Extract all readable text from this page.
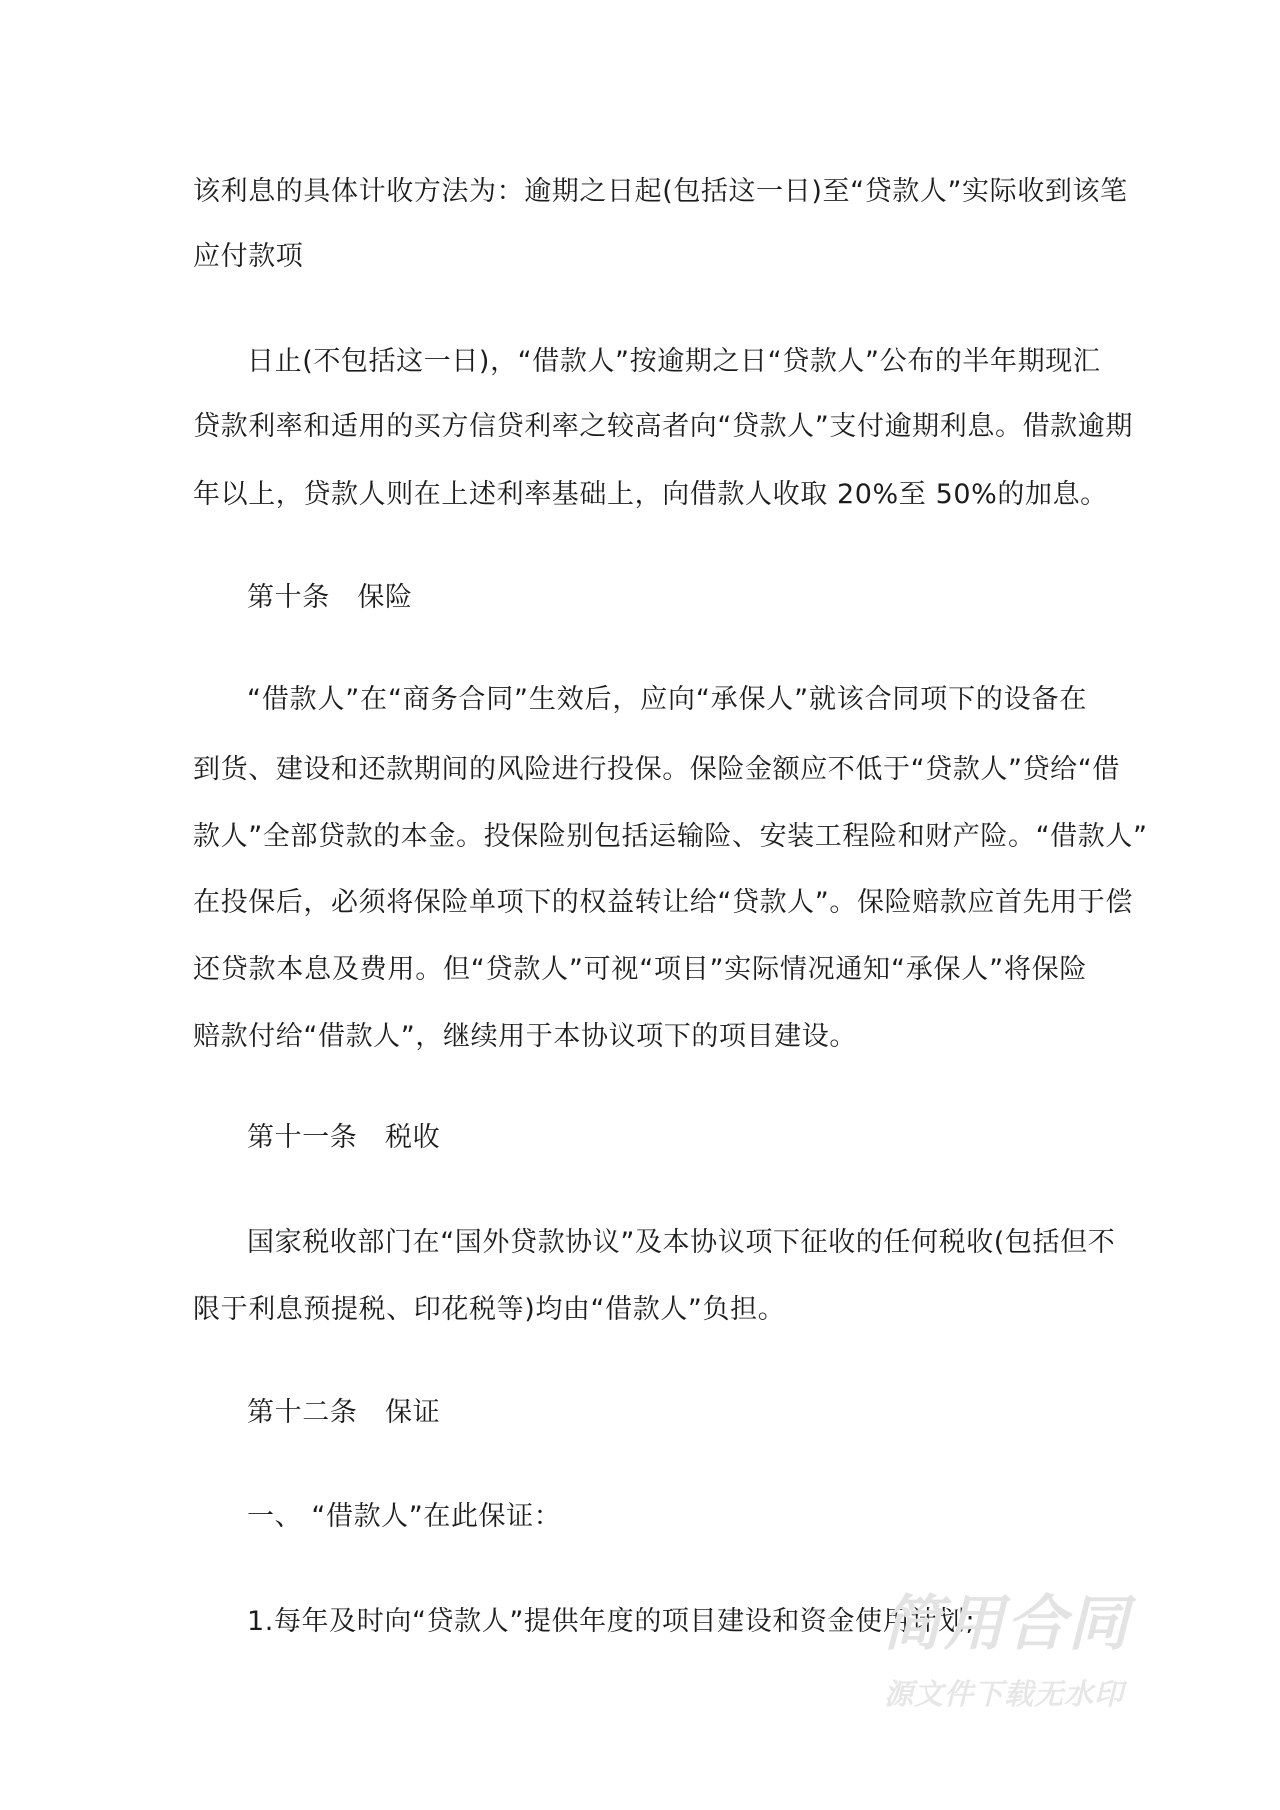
该利息的具体计收方法为：逾期之日起(包括这一日)至“贷款人”实际收到该笔
应付款项
日止(不包括这一日)，“借款人”按逾期之日“贷款人”公布的半年期现汇
贷款利率和适用的买方信贷利率之较高者向“贷款人”支付逾期利息。借款逾期
年以上，贷款人则在上述利率基础上，向借款人收取 20%至 50%的加息。
第十条　保险
“借款人”在“商务合同”生效后，应向“承保人”就该合同项下的设备在
到货、建设和还款期间的风险进行投保。保险金额应不低于“贷款人”贷给“借
款人”全部贷款的本金。投保险别包括运输险、安装工程险和财产险。“借款人”
在投保后，必须将保险单项下的权益转让给“贷款人”。保险赔款应首先用于偿
还贷款本息及费用。但“贷款人”可视“项目”实际情况通知“承保人”将保险
赔款付给“借款人”，继续用于本协议项下的项目建设。
第十一条　税收
国家税收部门在“国外贷款协议”及本协议项下征收的任何税收(包括但不
限于利息预提税、印花税等)均由“借款人”负担。
第十二条　保证
一、 “借款人”在此保证：
1.每年及时向“贷款人”提供年度的项目建设和资金使用计划;
简用合同
源文件下载无水印
